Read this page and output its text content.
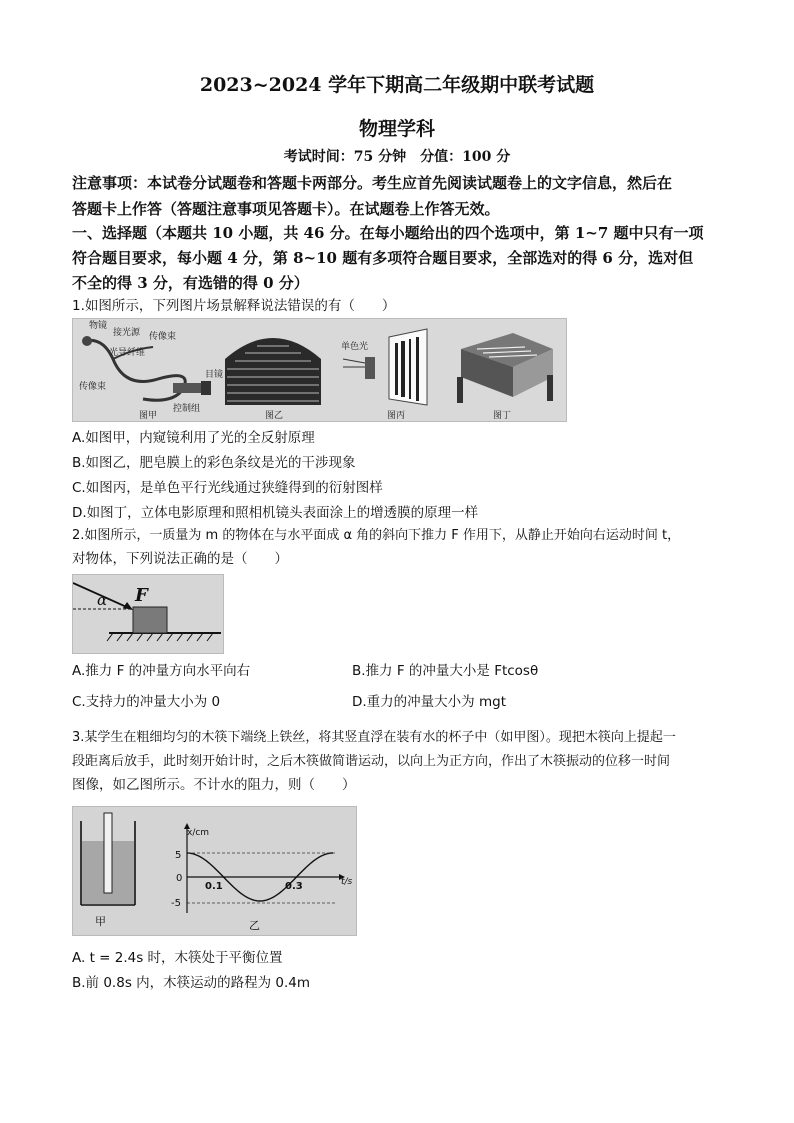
2023~2024 学年下期高二年级期中联考试题
物理学科
考试时间：75 分钟　分值：100 分
注意事项：本试卷分试题卷和答题卡两部分。考生应首先阅读试题卷上的文字信息，然后在
答题卡上作答（答题注意事项见答题卡）。在试题卷上作答无效。
一、选择题（本题共 10 小题，共 46 分。在每小题给出的四个选项中，第 1~7 题中只有一项
符合题目要求，每小题 4 分，第 8~10 题有多项符合题目要求，全部选对的得 6 分，选对但
不全的得 3 分，有选错的得 0 分）
1.如图所示，下列图片场景解释说法错误的有（　　）
物镜
接光源 传像束
光导纤维
传像束
目镜
控制组
图甲	图乙
单色光
图丙	图丁
A.如图甲，内窥镜利用了光的全反射原理
B.如图乙，肥皂膜上的彩色条纹是光的干涉现象
C.如图丙，是单色平行光线通过狭缝得到的衍射图样
D.如图丁，立体电影原理和照相机镜头表面涂上的增透膜的原理一样
2.如图所示，一质量为 m 的物体在与水平面成 α 角的斜向下推力 F 作用下，从静止开始向右运动时间 t，
对物体，下列说法正确的是（　　）
α F
A.推力 F 的冲量方向水平向右	B.推力 F 的冲量大小是 Ftcosθ
C.支持力的冲量大小为 0	D.重力的冲量大小为 mgt
3.某学生在粗细均匀的木筷下端绕上铁丝，将其竖直浮在装有水的杯子中（如甲图）。现把木筷向上提起一
段距离后放手，此时刻开始计时，之后木筷做简谐运动，以向上为正方向，作出了木筷振动的位移一时间
图像，如乙图所示。不计水的阻力，则（　　）
甲
x/cm
t/s
5
0
-5
0.1	0.3
乙
A. t = 2.4s 时，木筷处于平衡位置
B.前 0.8s 内，木筷运动的路程为 0.4m
